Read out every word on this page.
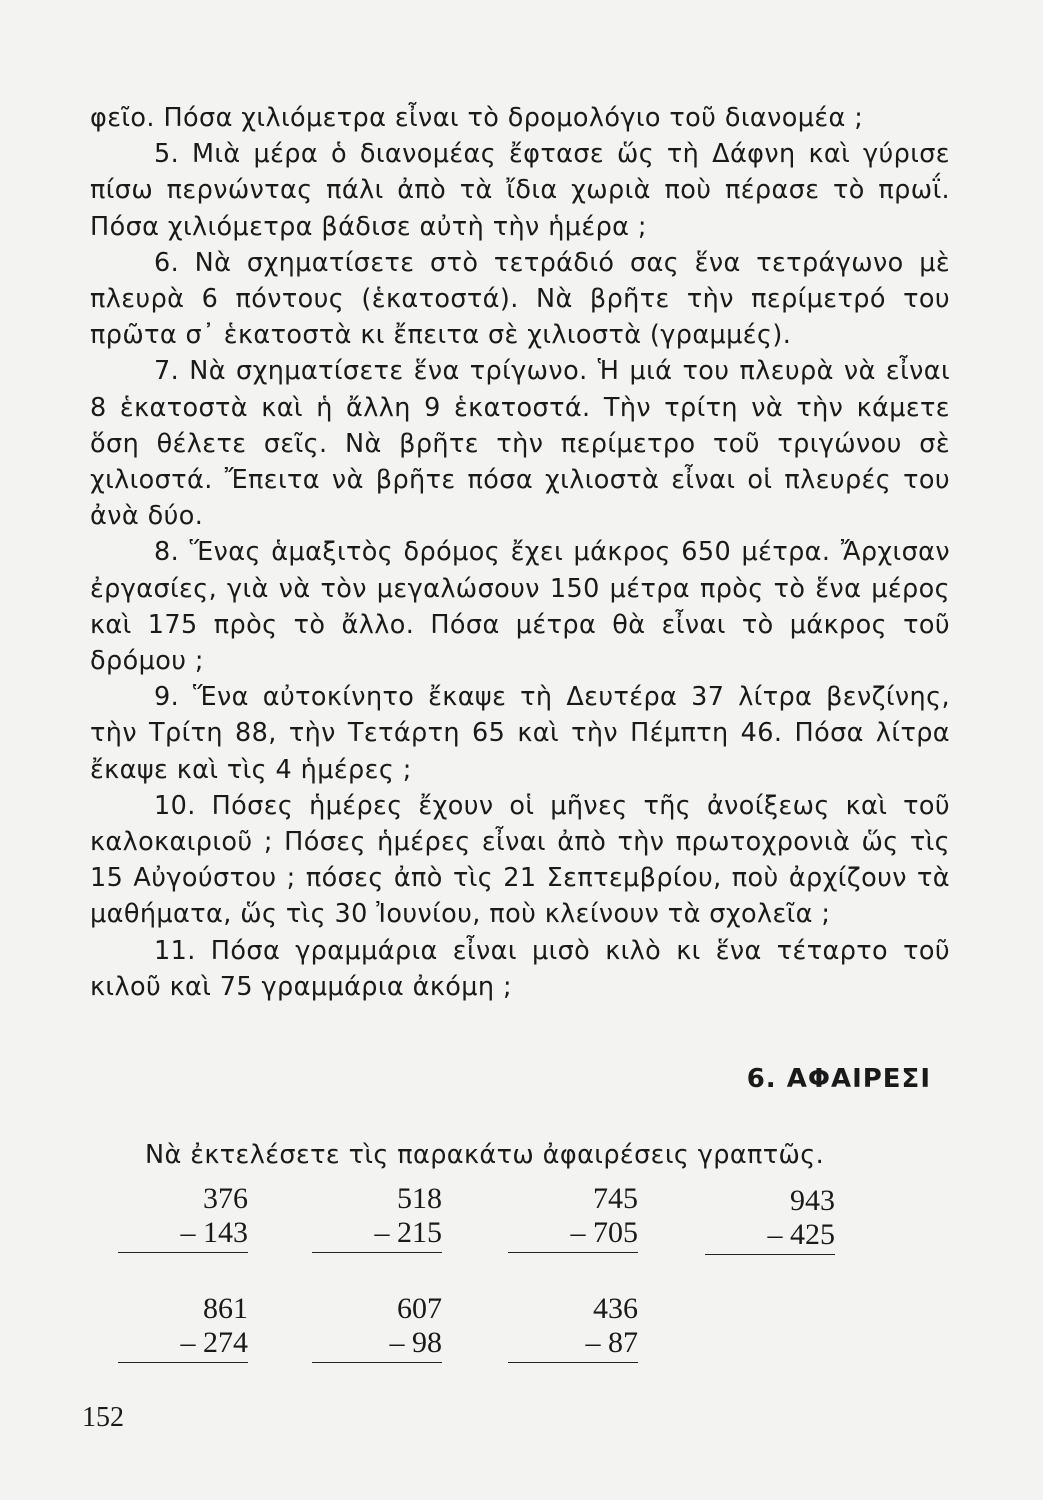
φεῖο. Πόσα χιλιόμετρα εἶναι τὸ δρομολόγιο τοῦ διανομέα ;

5. Μιὰ μέρα ὁ διανομέας ἔφτασε ὥς τὴ Δάφνη καὶ γύρισε πίσω περνώντας πάλι ἀπὸ τὰ ἴδια χωριὰ ποὺ πέρασε τὸ πρωΐ. Πόσα χιλιόμετρα βάδισε αὐτὴ τὴν ἡμέρα ;

6. Νὰ σχηματίσετε στὸ τετράδιό σας ἕνα τετράγωνο μὲ πλευρὰ 6 πόντους (ἑκατοστά). Νὰ βρῆτε τὴν περίμετρό του πρῶτα σ᾽ ἑκατοστὰ κι ἔπειτα σὲ χιλιοστὰ (γραμμές).

7. Νὰ σχηματίσετε ἕνα τρίγωνο. Ἡ μιά του πλευρὰ νὰ εἶναι 8 ἑκατοστὰ καὶ ἡ ἄλλη 9 ἑκατοστά. Τὴν τρίτη νὰ τὴν κάμετε ὅση θέλετε σεῖς. Νὰ βρῆτε τὴν περίμετρο τοῦ τριγώνου σὲ χιλιοστά. Ἔπειτα νὰ βρῆτε πόσα χιλιοστὰ εἶναι οἱ πλευρές του ἀνὰ δύο.

8. Ἕνας ἁμαξιτὸς δρόμος ἔχει μάκρος 650 μέτρα. Ἄρχισαν ἐργασίες, γιὰ νὰ τὸν μεγαλώσουν 150 μέτρα πρὸς τὸ ἕνα μέρος καὶ 175 πρὸς τὸ ἄλλο. Πόσα μέτρα θὰ εἶναι τὸ μάκρος τοῦ δρόμου ;

9. Ἕνα αὐτοκίνητο ἔκαψε τὴ Δευτέρα 37 λίτρα βενζίνης, τὴν Τρίτη 88, τὴν Τετάρτη 65 καὶ τὴν Πέμπτη 46. Πόσα λίτρα ἔκαψε καὶ τὶς 4 ἡμέρες ;

10. Πόσες ἡμέρες ἔχουν οἱ μῆνες τῆς ἀνοίξεως καὶ τοῦ καλοκαιριοῦ ; Πόσες ἡμέρες εἶναι ἀπὸ τὴν πρωτοχρονιὰ ὥς τὶς 15 Αὐγούστου ; πόσες ἀπὸ τὶς 21 Σεπτεμβρίου, ποὺ ἀρχίζουν τὰ μαθήματα, ὥς τὶς 30 Ἰουνίου, ποὺ κλείνουν τὰ σχολεῖα ;

11. Πόσα γραμμάρια εἶναι μισὸ κιλὸ κι ἕνα τέταρτο τοῦ κιλοῦ καὶ 75 γραμμάρια ἀκόμη ;

6. ΑΦΑΙΡΕΣΙ
Νὰ ἐκτελέσετε τὶς παρακάτω ἀφαιρέσεις γραπτῶς.
376
– 143
518
– 215
745
– 705
943
– 425
861
– 274
607
– 98
436
– 87
152
